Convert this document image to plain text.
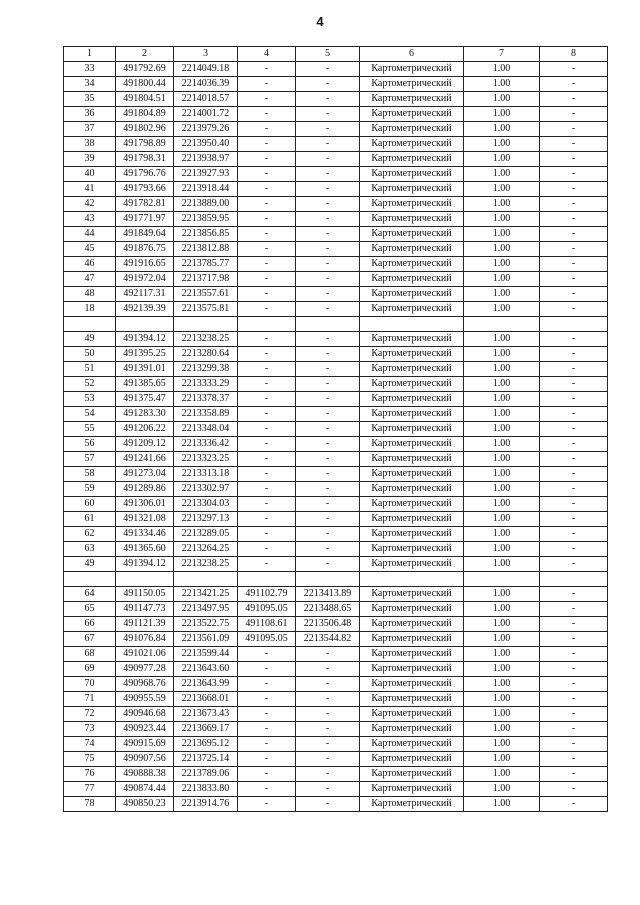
4
1	2	3	4	5	6	7	8
33	491792.69	2214049.18	-	-	Картометрический	1.00	-
34	491800.44	2214036.39	-	-	Картометрический	1.00	-
35	491804.51	2214018.57	-	-	Картометрический	1.00	-
36	491804.89	2214001.72	-	-	Картометрический	1.00	-
37	491802.96	2213979.26	-	-	Картометрический	1.00	-
38	491798.89	2213950.40	-	-	Картометрический	1.00	-
39	491798.31	2213938.97	-	-	Картометрический	1.00	-
40	491796.76	2213927.93	-	-	Картометрический	1.00	-
41	491793.66	2213918.44	-	-	Картометрический	1.00	-
42	491782.81	2213889.00	-	-	Картометрический	1.00	-
43	491771.97	2213859.95	-	-	Картометрический	1.00	-
44	491849.64	2213856.85	-	-	Картометрический	1.00	-
45	491876.75	2213812.88	-	-	Картометрический	1.00	-
46	491916.65	2213785.77	-	-	Картометрический	1.00	-
47	491972.04	2213717.98	-	-	Картометрический	1.00	-
48	492117.31	2213557.61	-	-	Картометрический	1.00	-
18	492139.39	2213575.81	-	-	Картометрический	1.00	-

49	491394.12	2213238.25	-	-	Картометрический	1.00	-
50	491395.25	2213280.64	-	-	Картометрический	1.00	-
51	491391.01	2213299.38	-	-	Картометрический	1.00	-
52	491385.65	2213333.29	-	-	Картометрический	1.00	-
53	491375.47	2213378.37	-	-	Картометрический	1.00	-
54	491283.30	2213358.89	-	-	Картометрический	1.00	-
55	491206.22	2213348.04	-	-	Картометрический	1.00	-
56	491209.12	2213336.42	-	-	Картометрический	1.00	-
57	491241.66	2213323.25	-	-	Картометрический	1.00	-
58	491273.04	2213313.18	-	-	Картометрический	1.00	-
59	491289.86	2213302.97	-	-	Картометрический	1.00	-
60	491306.01	2213304.03	-	-	Картометрический	1.00	-
61	491321.08	2213297.13	-	-	Картометрический	1.00	-
62	491334.46	2213289.05	-	-	Картометрический	1.00	-
63	491365.60	2213264.25	-	-	Картометрический	1.00	-
49	491394.12	2213238.25	-	-	Картометрический	1.00	-

64	491150.05	2213421.25	491102.79	2213413.89	Картометрический	1.00	-
65	491147.73	2213497.95	491095.05	2213488.65	Картометрический	1.00	-
66	491121.39	2213522.75	491108.61	2213506.48	Картометрический	1.00	-
67	491076.84	2213561.09	491095.05	2213544.82	Картометрический	1.00	-
68	491021.06	2213599.44	-	-	Картометрический	1.00	-
69	490977.28	2213643.60	-	-	Картометрический	1.00	-
70	490968.76	2213643.99	-	-	Картометрический	1.00	-
71	490955.59	2213668.01	-	-	Картометрический	1.00	-
72	490946.68	2213673.43	-	-	Картометрический	1.00	-
73	490923.44	2213669.17	-	-	Картометрический	1.00	-
74	490915.69	2213695.12	-	-	Картометрический	1.00	-
75	490907.56	2213725.14	-	-	Картометрический	1.00	-
76	490888.38	2213789.06	-	-	Картометрический	1.00	-
77	490874.44	2213833.80	-	-	Картометрический	1.00	-
78	490850.23	2213914.76	-	-	Картометрический	1.00	-
